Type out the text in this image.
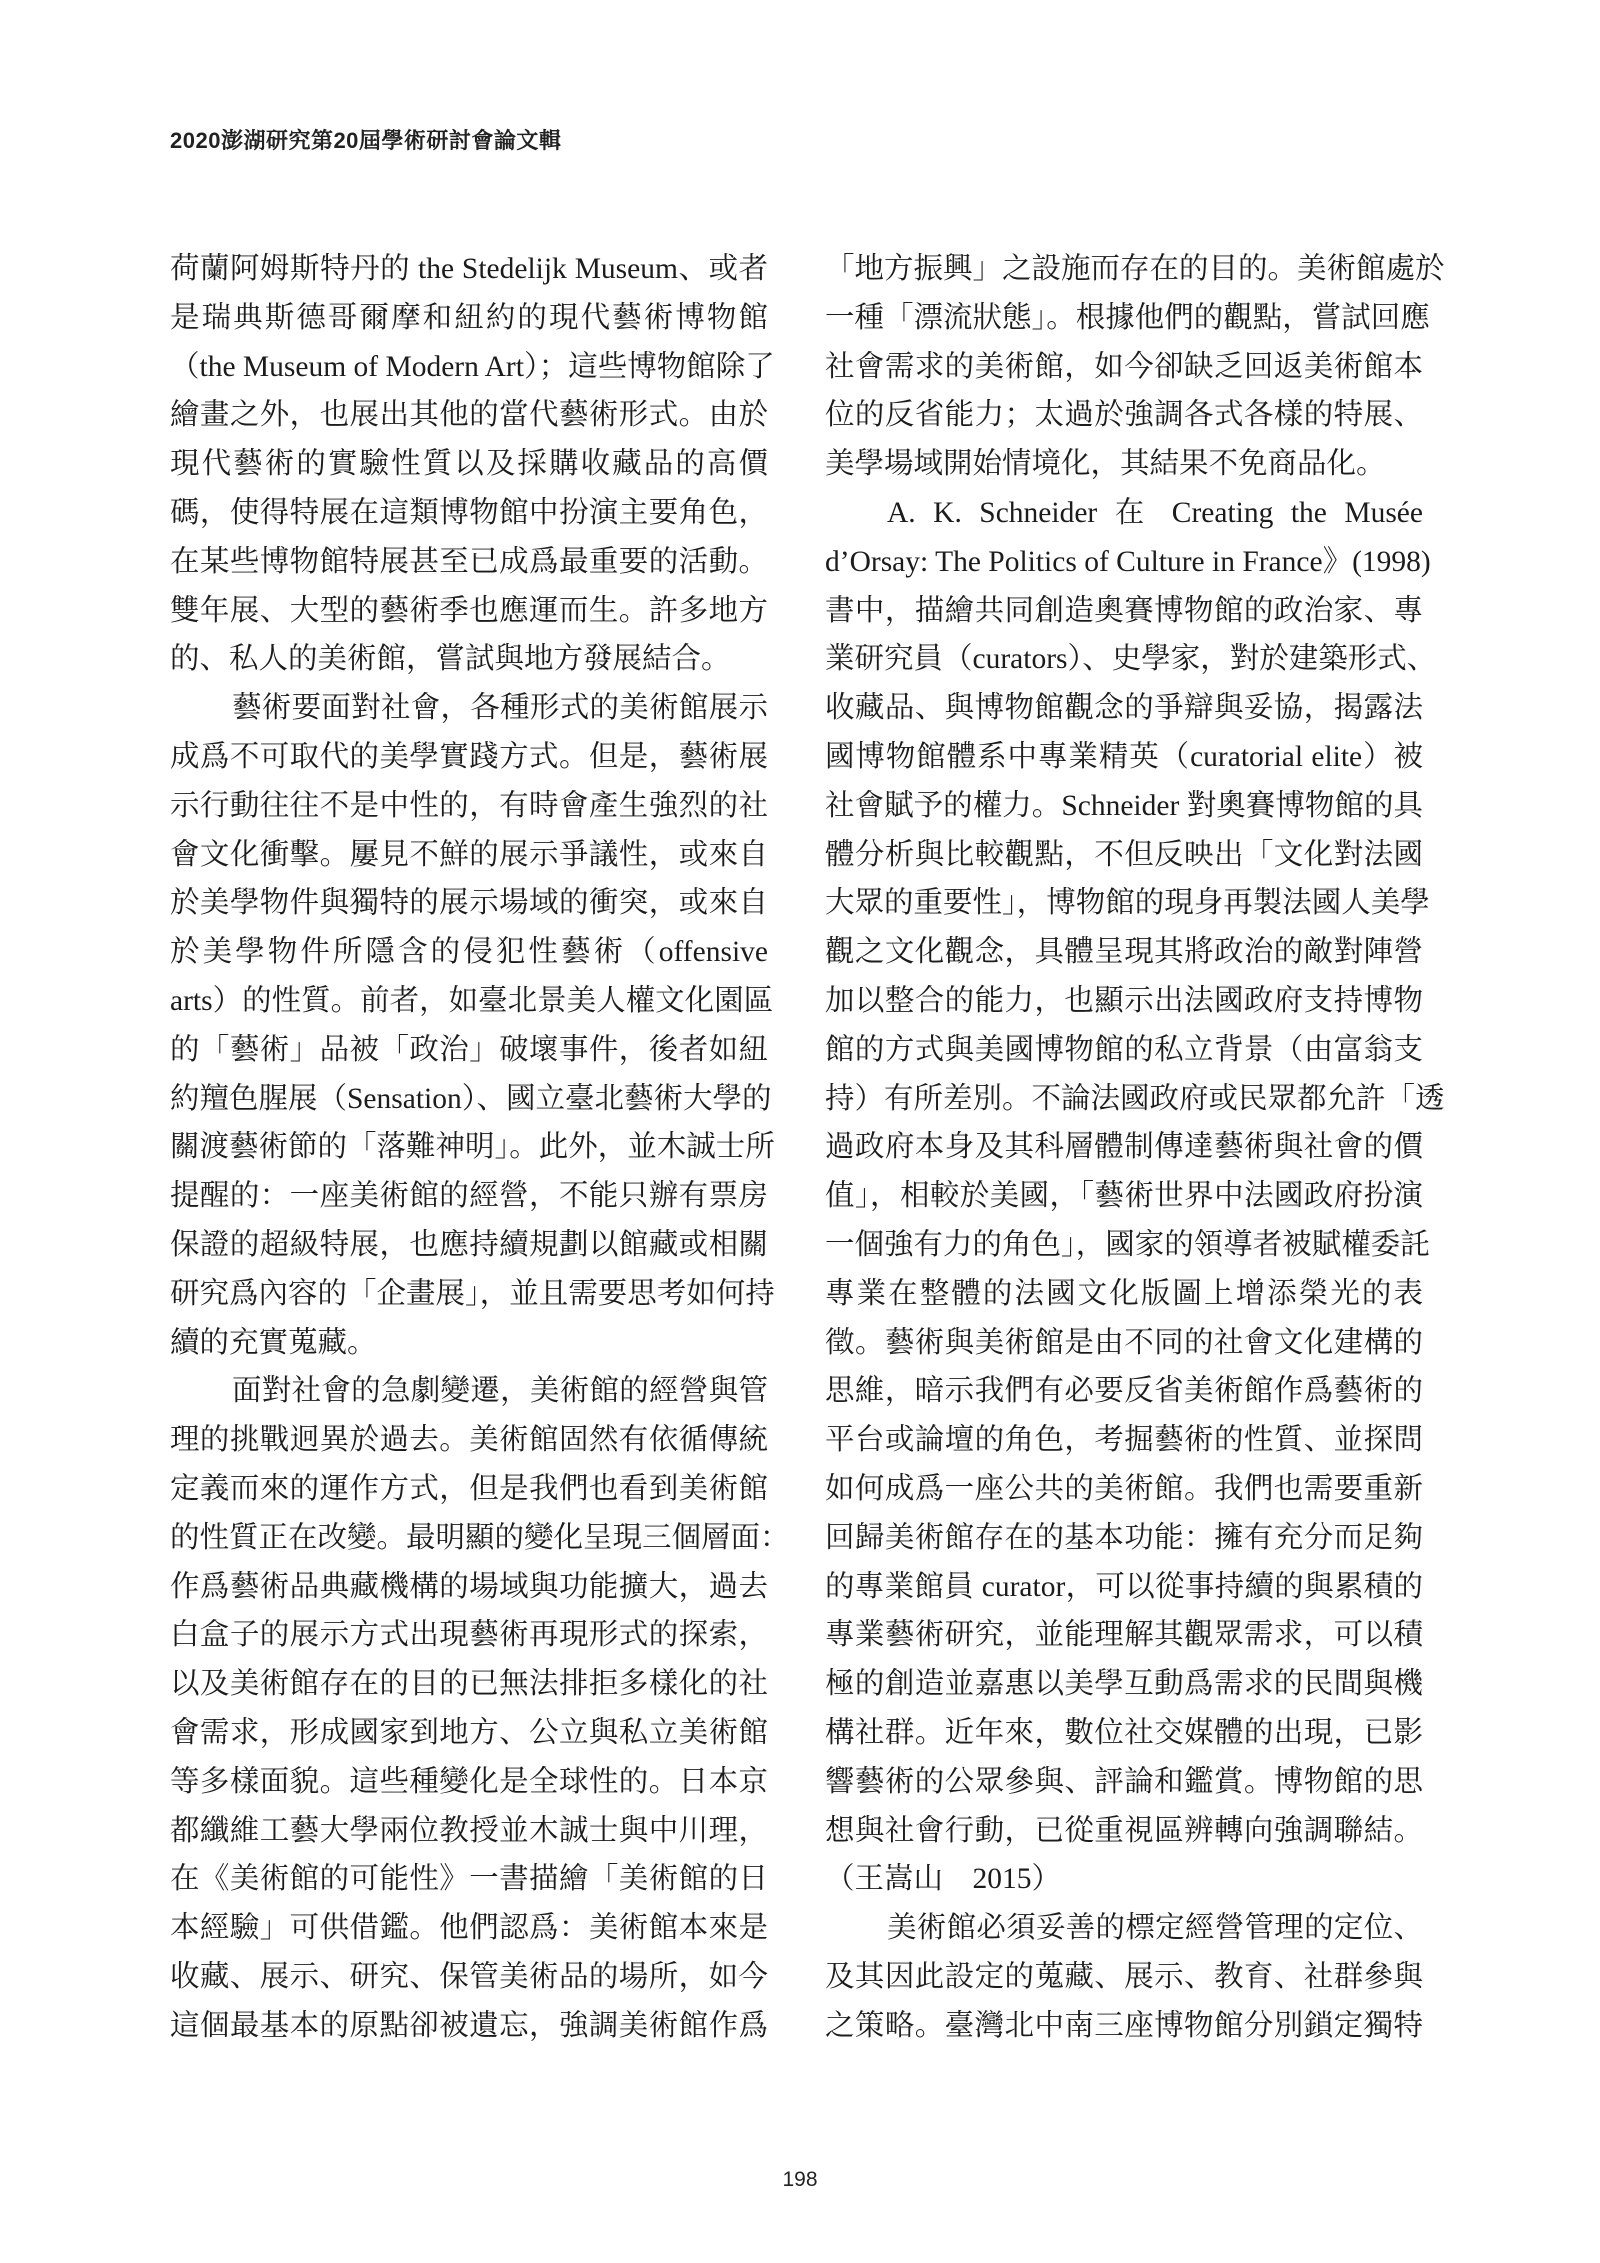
2020澎湖研究第20屆學術研討會論文輯
荷蘭阿姆斯特丹的 the Stedelijk Museum、或者
是瑞典斯德哥爾摩和紐約的現代藝術博物館
（the Museum of Modern Art）；這些博物館除了
繪畫之外，也展出其他的當代藝術形式。由於
現代藝術的實驗性質以及採購收藏品的高價
碼，使得特展在這類博物館中扮演主要角色，
在某些博物館特展甚至已成爲最重要的活動。
雙年展、大型的藝術季也應運而生。許多地方
的、私人的美術館，嘗試與地方發展結合。
藝術要面對社會，各種形式的美術館展示
成爲不可取代的美學實踐方式。但是，藝術展
示行動往往不是中性的，有時會產生強烈的社
會文化衝擊。屢見不鮮的展示爭議性，或來自
於美學物件與獨特的展示場域的衝突，或來自
於美學物件所隱含的侵犯性藝術（offensive
arts）的性質。前者，如臺北景美人權文化園區
的「藝術」品被「政治」破壞事件，後者如紐
約羶色腥展（Sensation）、國立臺北藝術大學的
關渡藝術節的「落難神明」。此外，並木誠士所
提醒的：一座美術館的經營，不能只辦有票房
保證的超級特展，也應持續規劃以館藏或相關
研究爲內容的「企畫展」，並且需要思考如何持
續的充實蒐藏。
面對社會的急劇變遷，美術館的經營與管
理的挑戰迥異於過去。美術館固然有依循傳統
定義而來的運作方式，但是我們也看到美術館
的性質正在改變。最明顯的變化呈現三個層面：
作爲藝術品典藏機構的場域與功能擴大，過去
白盒子的展示方式出現藝術再現形式的探索，
以及美術館存在的目的已無法排拒多樣化的社
會需求，形成國家到地方、公立與私立美術館
等多樣面貌。這些種變化是全球性的。日本京
都纖維工藝大學兩位教授並木誠士與中川理，
在《美術館的可能性》一書描繪「美術館的日
本經驗」可供借鑑。他們認爲：美術館本來是
收藏、展示、研究、保管美術品的場所，如今
這個最基本的原點卻被遺忘，強調美術館作爲
「地方振興」之設施而存在的目的。美術館處於
一種「漂流狀態」。根據他們的觀點，嘗試回應
社會需求的美術館，如今卻缺乏回返美術館本
位的反省能力；太過於強調各式各樣的特展、
美學場域開始情境化，其結果不免商品化。
A. K. Schneider 在 Creating the Musée
d’Orsay: The Politics of Culture in France》(1998)
書中，描繪共同創造奧賽博物館的政治家、專
業研究員（curators）、史學家，對於建築形式、
收藏品、與博物館觀念的爭辯與妥協，揭露法
國博物館體系中專業精英（curatorial elite）被
社會賦予的權力。Schneider 對奧賽博物館的具
體分析與比較觀點，不但反映出「文化對法國
大眾的重要性」，博物館的現身再製法國人美學
觀之文化觀念，具體呈現其將政治的敵對陣營
加以整合的能力，也顯示出法國政府支持博物
館的方式與美國博物館的私立背景（由富翁支
持）有所差別。不論法國政府或民眾都允許「透
過政府本身及其科層體制傳達藝術與社會的價
值」，相較於美國，「藝術世界中法國政府扮演
一個強有力的角色」，國家的領導者被賦權委託
專業在整體的法國文化版圖上增添榮光的表
徵。藝術與美術館是由不同的社會文化建構的
思維，暗示我們有必要反省美術館作爲藝術的
平台或論壇的角色，考掘藝術的性質、並探問
如何成爲一座公共的美術館。我們也需要重新
回歸美術館存在的基本功能：擁有充分而足夠
的專業館員 curator，可以從事持續的與累積的
專業藝術研究，並能理解其觀眾需求，可以積
極的創造並嘉惠以美學互動爲需求的民間與機
構社群。近年來，數位社交媒體的出現，已影
響藝術的公眾參與、評論和鑑賞。博物館的思
想與社會行動，已從重視區辨轉向強調聯結。
（王嵩山　2015）
美術館必須妥善的標定經營管理的定位、
及其因此設定的蒐藏、展示、教育、社群參與
之策略。臺灣北中南三座博物館分別鎖定獨特
198
